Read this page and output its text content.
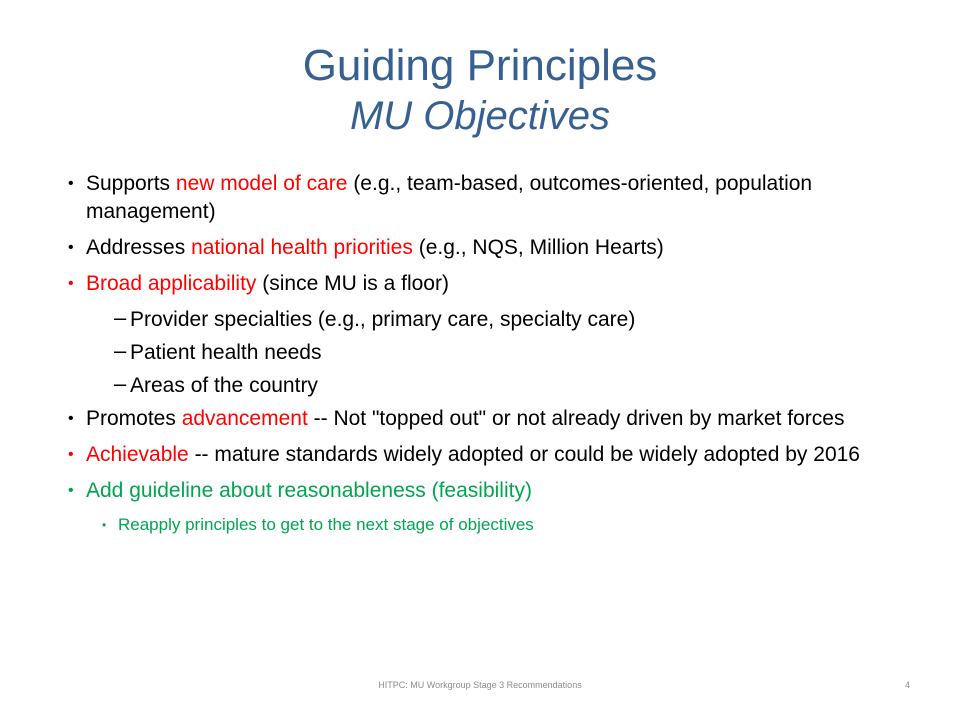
Guiding Principles
MU Objectives
• Supports new model of care (e.g., team-based, outcomes-oriented, population management)
• Addresses national health priorities (e.g., NQS, Million Hearts)
• Broad applicability (since MU is a floor)
– Provider specialties (e.g., primary care, specialty care)
– Patient health needs
– Areas of the country
• Promotes advancement -- Not "topped out" or not already driven by market forces
• Achievable -- mature standards widely adopted or could be widely adopted by 2016
• Add guideline about reasonableness (feasibility)
• Reapply principles to get to the next stage of objectives
HITPC: MU Workgroup Stage 3 Recommendations	4
